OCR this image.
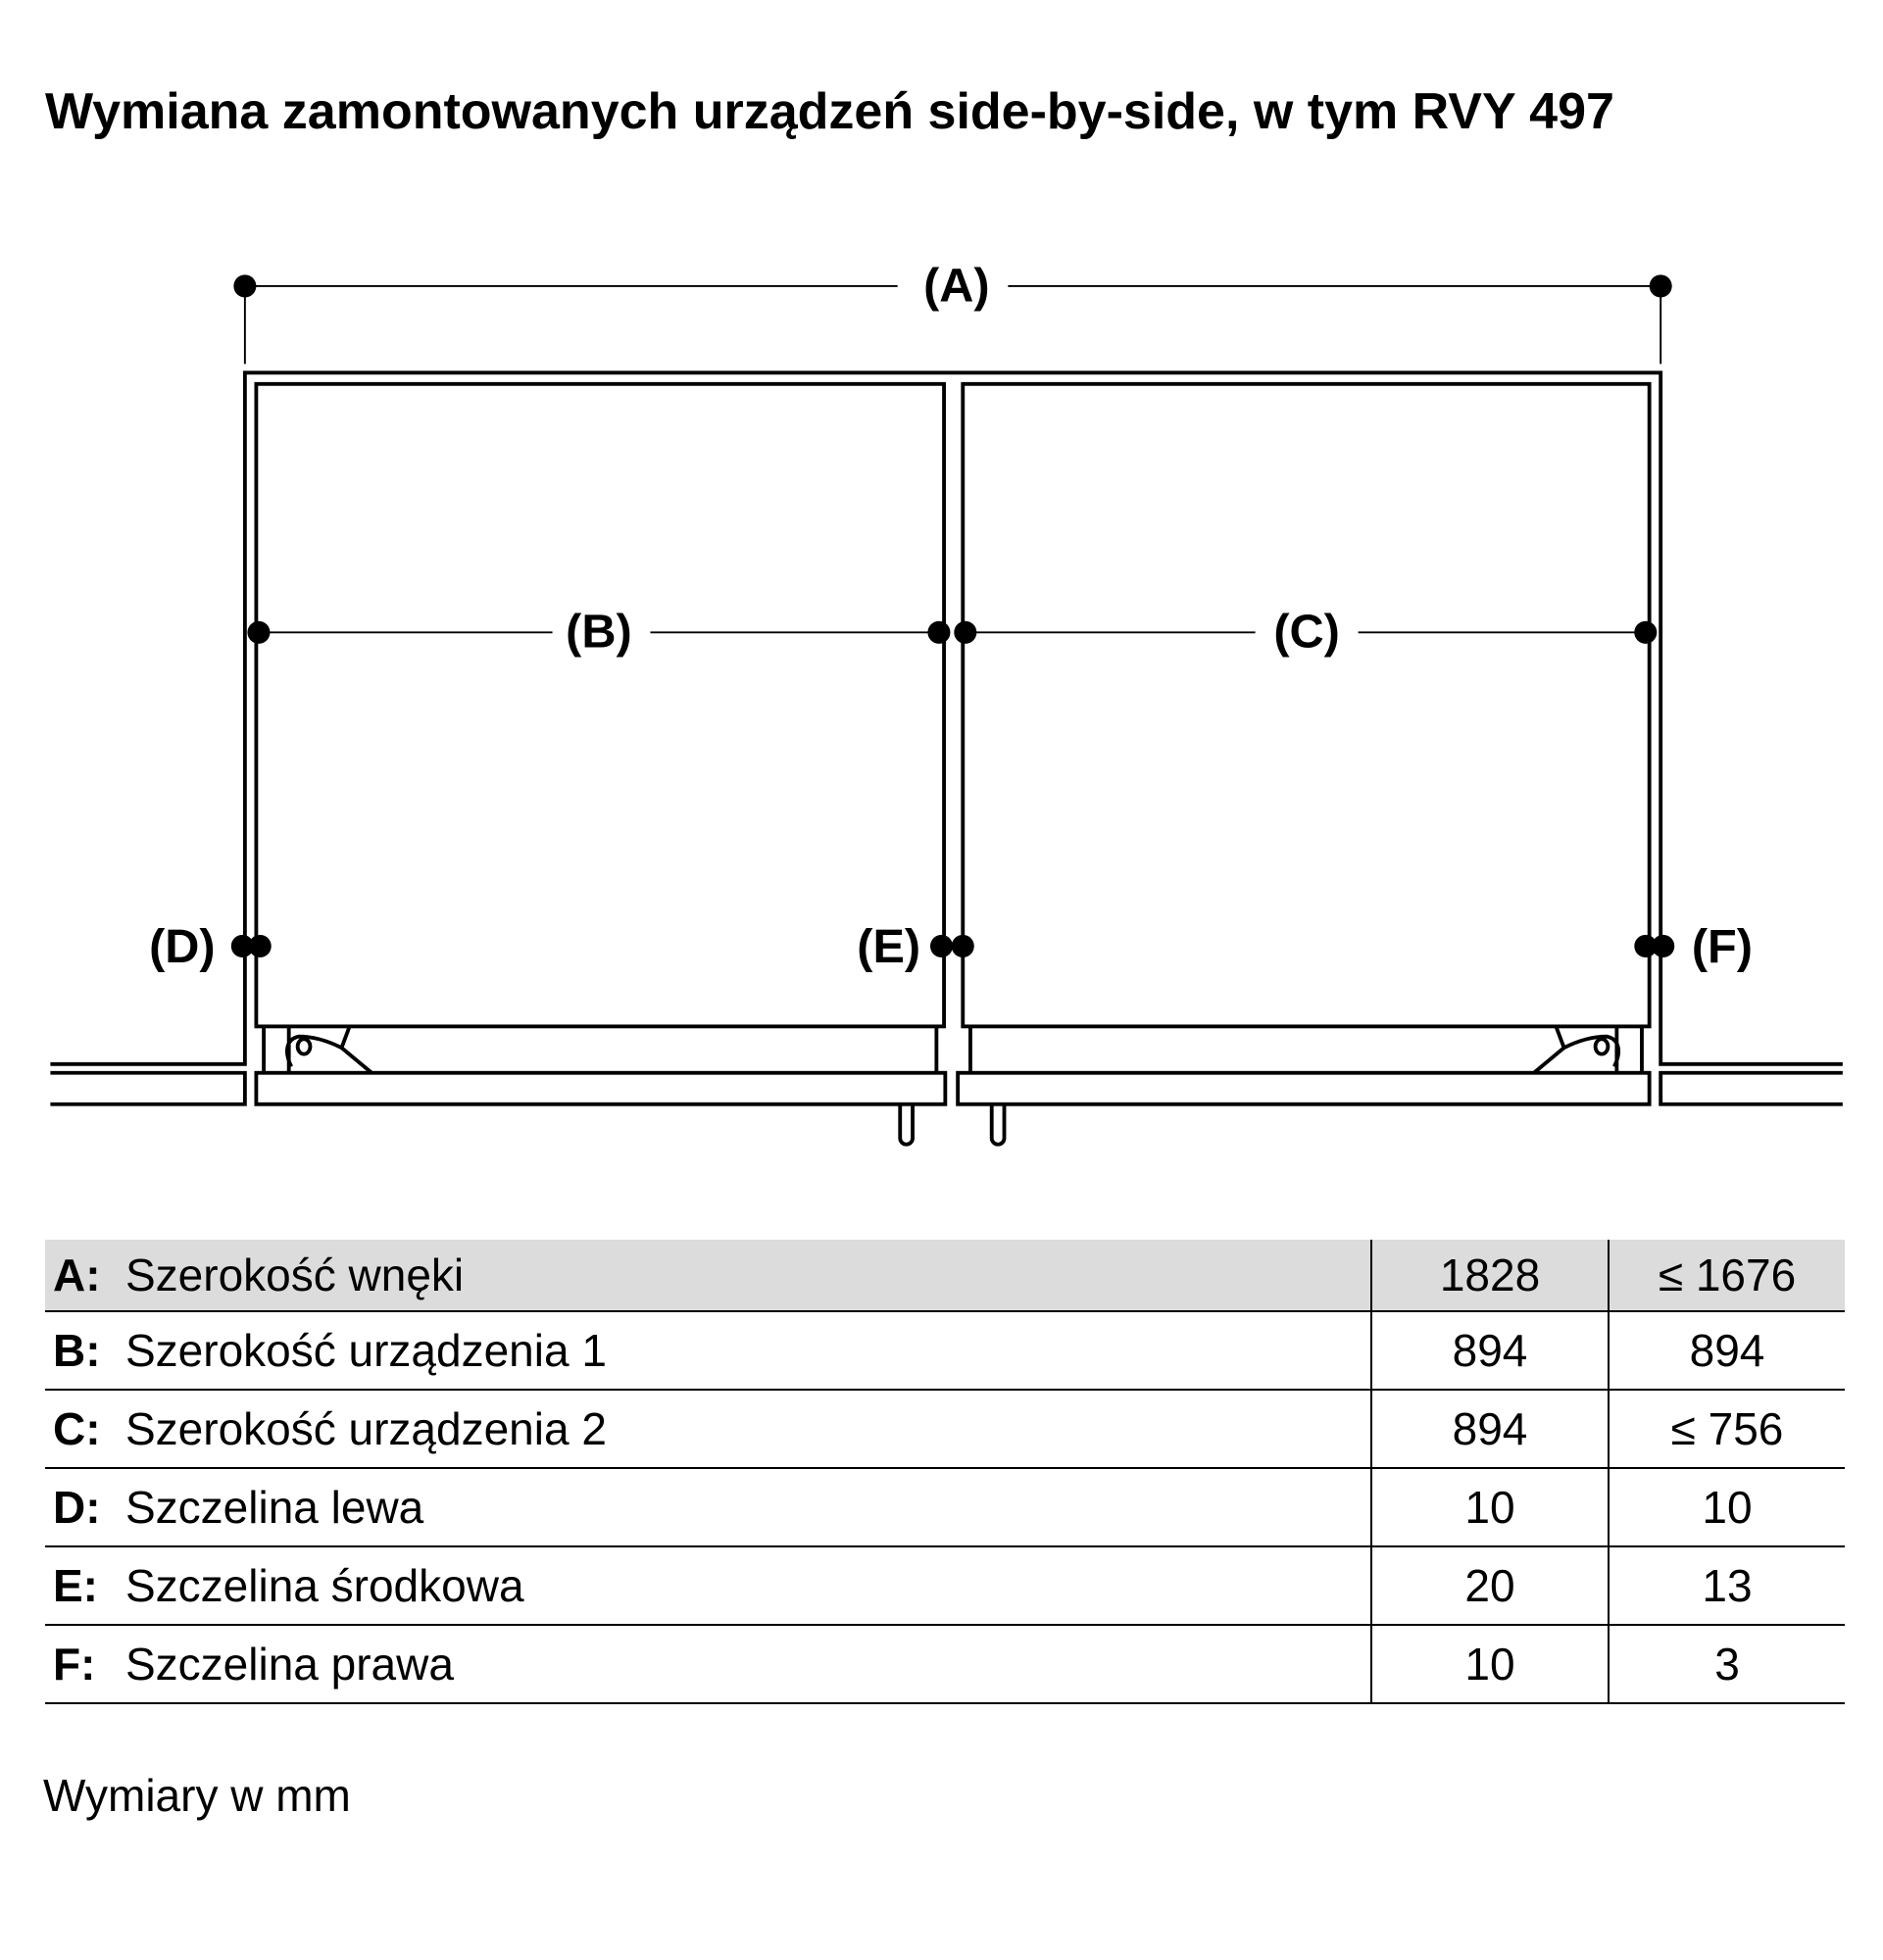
Wymiana zamontowanych urządzeń side-by-side, w tym RVY 497
(A)
(B)	(C)
(D)	(E)	(F)
A:	Szerokość wnęki	1828	≤ 1676
B:	Szerokość urządzenia 1	894	894
C:	Szerokość urządzenia 2	894	≤ 756
D:	Szczelina lewa	10	10
E:	Szczelina środkowa	20	13
F:	Szczelina prawa	10	3
Wymiary w mm
